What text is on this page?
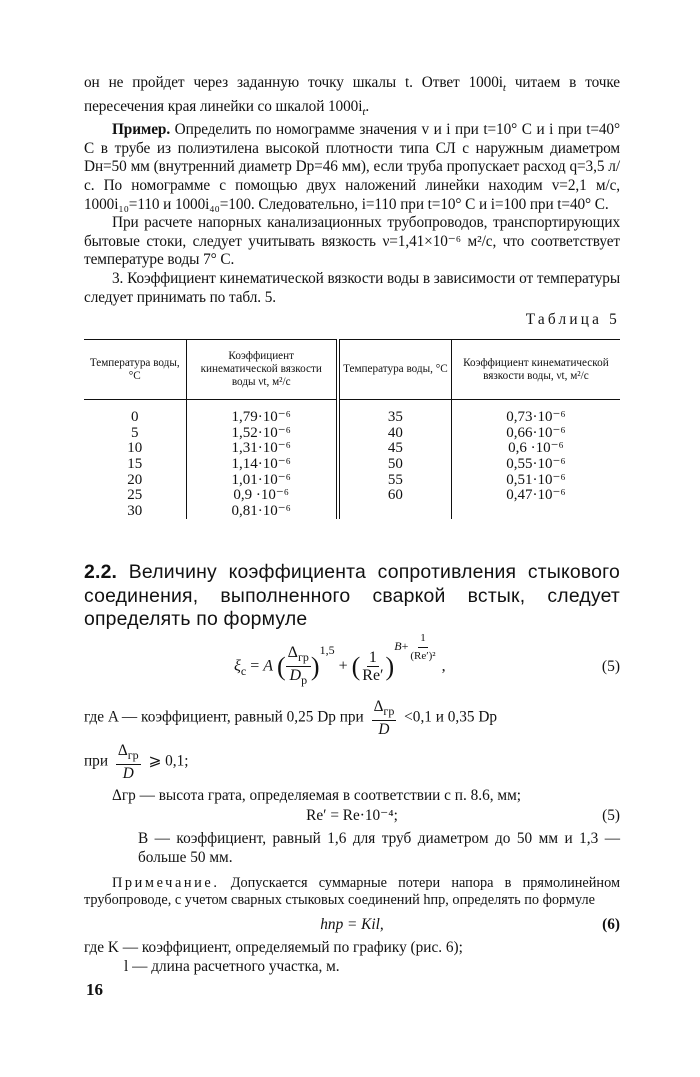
он не пройдет через заданную точку шкалы t. Ответ $1000i_t$ читаем в точке пересечения края линейки со шкалой $1000i_t$.

Пример. Определить по номограмме значения v и i при t=10° С и i при t=40° С в трубе из полиэтилена высокой плотности типа СЛ с наружным диаметром Dн=50 мм (внутренний диаметр Dр=46 мм), если труба пропускает расход q=3,5 л/с. По номограмме с помощью двух наложений линейки находим v=2,1 м/с, 1000i₁₀=110 и 1000i₄₀=100. Следовательно, i=110 при t=10° С и i=100 при t=40° С.

При расчете напорных канализационных трубопроводов, транспортирующих бытовые стоки, следует учитывать вязкость ν=1,41×10⁻⁶ м²/с, что соответствует температуре воды 7° С.

3. Коэффициент кинематической вязкости воды в зависимости от температуры следует принимать по табл. 5.

Таблица 5
Температура воды, °С	Коэффициент кинематической вязкости воды νt, м²/с	Температура воды, °С	Коэффициент кинематической вязкости воды, νt, м²/с
0	1,79·10⁻⁶	35	0,73·10⁻⁶
5	1,52·10⁻⁶	40	0,66·10⁻⁶
10	1,31·10⁻⁶	45	0,6 ·10⁻⁶
15	1,14·10⁻⁶	50	0,55·10⁻⁶
20	1,01·10⁻⁶	55	0,51·10⁻⁶
25	0,9 ·10⁻⁶	60	0,47·10⁻⁶
30	0,81·10⁻⁶		
2.2. Величину коэффициента сопротивления стыкового соединения, выполненного сваркой встык, следует определять по формуле
$\xi_с = A$ ( $\frac{\Delta_{гр}}{D_р} )^{1,5}$ + ( $\frac{1}{Re'} )^{B+ \frac{1}{\text{(Re′)²}}}$
,	(5)
где A — коэффициент, равный 0,25 Dр при $\frac{\Delta_{гр}}{D} <0,1$ и 0,35 Dр
при $\frac{\Delta_{гр}}{D}$ ⩾ 0,1;

Δгр — высота грата, определяемая в соответствии с п. 8.6, мм;

Re′ = Re·10⁻⁴;	(5)

B — коэффициент, равный 1,6 для труб диаметром до 50 мм и 1,3 — больше 50 мм.

Примечание. Допускается суммарные потери напора в прямолинейном трубопроводе, с учетом сварных стыковых соединений hпр, определять по формуле

hпр = Kil,	(6)

где K — коэффициент, определяемый по графику (рис. 6);

l — длина расчетного участка, м.

16
